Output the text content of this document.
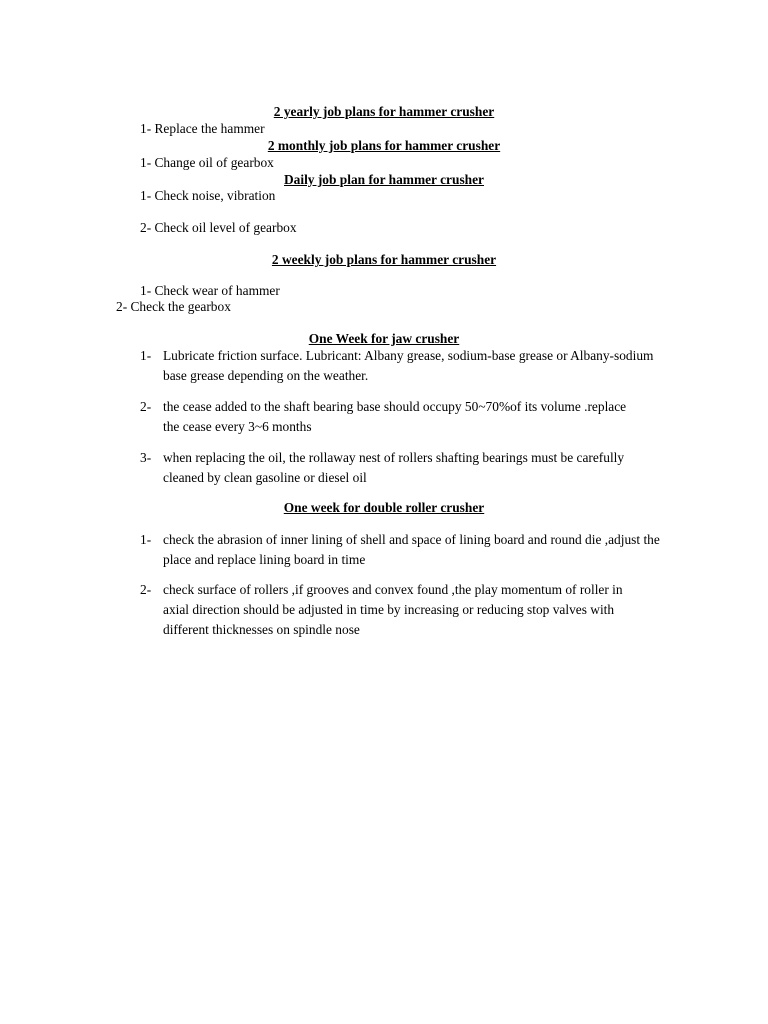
2 yearly job plans for hammer crusher
1- Replace the hammer
2 monthly job plans for hammer crusher
1- Change oil of gearbox
Daily job plan for hammer crusher
1- Check noise, vibration
2- Check oil level of gearbox
2 weekly job plans for hammer crusher
1- Check wear of hammer
2- Check the gearbox
One Week for jaw crusher
1- Lubricate friction surface. Lubricant: Albany grease, sodium-base grease or Albany-sodium base grease depending on the weather.
2- the cease added to the shaft bearing base should occupy 50~70%of its volume .replace the cease every 3~6 months
3- when replacing the oil, the rollaway nest of rollers shafting bearings must be carefully cleaned by clean gasoline or diesel oil
One week for double roller crusher
1- check the abrasion of inner lining of shell and space of lining board and round die ,adjust the place and replace lining board in time
2- check surface of rollers ,if grooves and convex found ,the play momentum of roller in axial direction should be adjusted in time by increasing or reducing stop valves with different thicknesses on spindle nose
